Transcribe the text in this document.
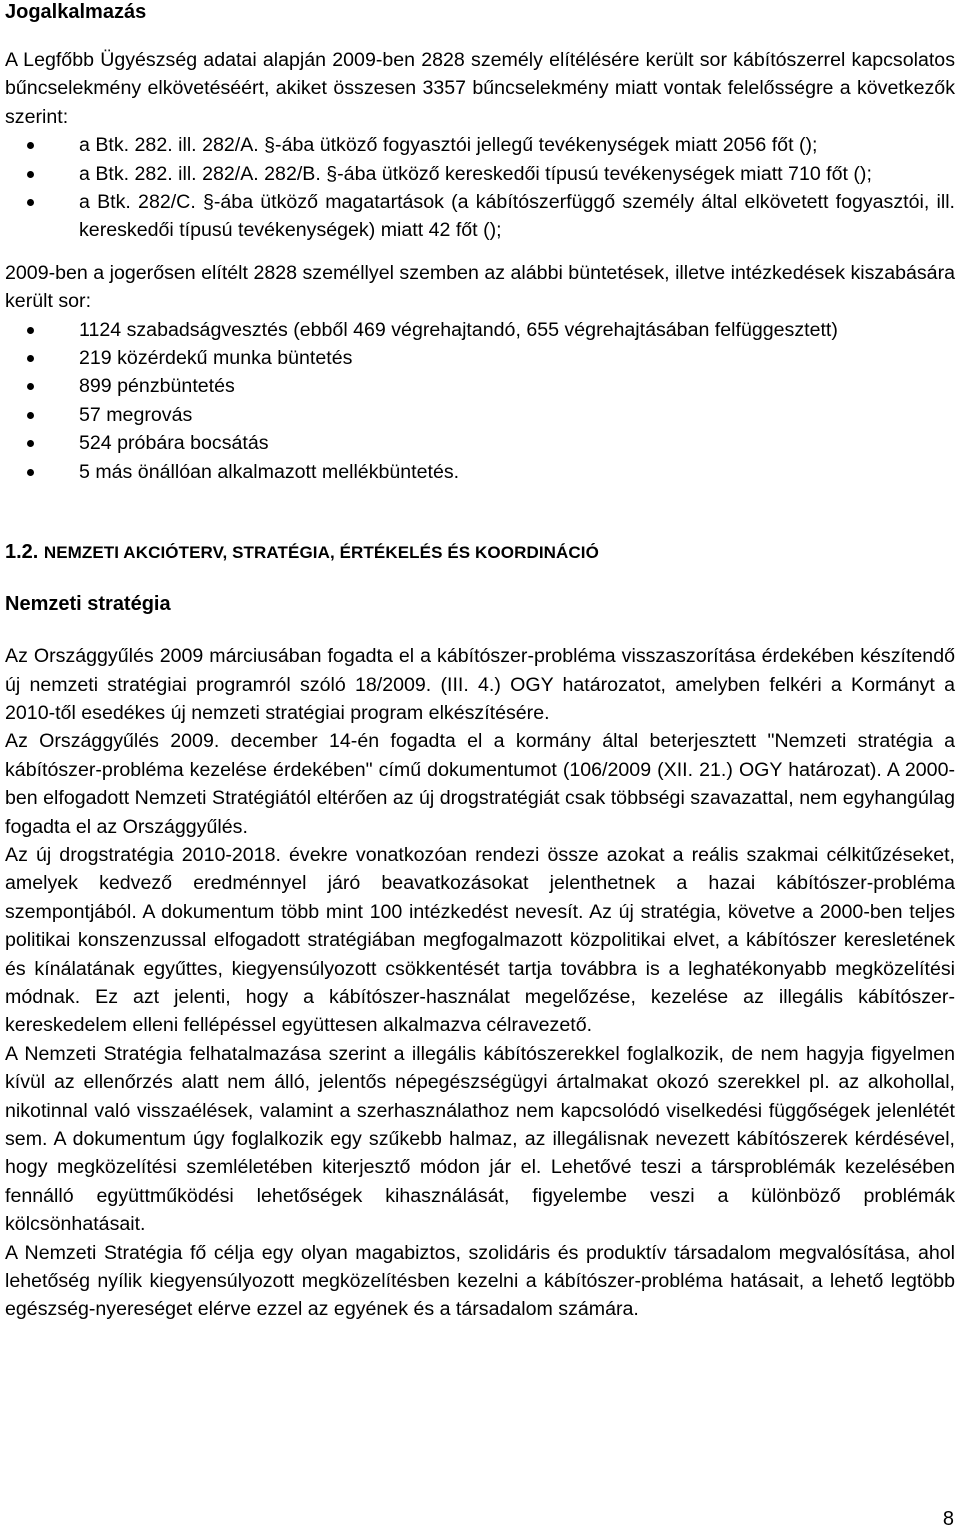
Jogalkalmazás

A Legfőbb Ügyészség adatai alapján 2009-ben 2828 személy elítélésére került sor kábítószerrel kapcsolatos bűncselekmény elkövetéséért, akiket összesen 3357 bűncselekmény miatt vontak felelősségre a következők szerint:

a Btk. 282. ill. 282/A. §-ába ütköző fogyasztói jellegű tevékenységek miatt 2056 főt ();
a Btk. 282. ill. 282/A. 282/B. §-ába ütköző kereskedői típusú tevékenységek miatt 710 főt ();
a Btk. 282/C. §-ába ütköző magatartások (a kábítószerfüggő személy által elkövetett fogyasztói, ill. kereskedői típusú tevékenységek) miatt 42 főt ();

2009-ben a jogerősen elítélt 2828 személlyel szemben az alábbi büntetések, illetve intézkedések kiszabására került sor:

1124 szabadságvesztés (ebből 469 végrehajtandó, 655 végrehajtásában felfüggesztett)
219 közérdekű munka büntetés
899 pénzbüntetés
57 megrovás
524 próbára bocsátás
5 más önállóan alkalmazott mellékbüntetés.
1.2. NEMZETI AKCIÓTERV, STRATÉGIA, ÉRTÉKELÉS ÉS KOORDINÁCIÓ
Nemzeti stratégia

Az Országgyűlés 2009 márciusában fogadta el a kábítószer-probléma visszaszorítása érdekében készítendő új nemzeti stratégiai programról szóló 18/2009. (III. 4.) OGY határozatot, amelyben felkéri a Kormányt a 2010-től esedékes új nemzeti stratégiai program elkészítésére.

Az Országgyűlés 2009. december 14-én fogadta el a kormány által beterjesztett "Nemzeti stratégia a kábítószer-probléma kezelése érdekében" című dokumentumot (106/2009 (XII. 21.) OGY határozat). A 2000-ben elfogadott Nemzeti Stratégiától eltérően az új drogstratégiát csak többségi szavazattal, nem egyhangúlag fogadta el az Országgyűlés.

Az új drogstratégia 2010-2018. évekre vonatkozóan rendezi össze azokat a reális szakmai célkitűzéseket, amelyek kedvező eredménnyel járó beavatkozásokat jelenthetnek a hazai kábítószer-probléma szempontjából. A dokumentum több mint 100 intézkedést nevesít. Az új stratégia, követve a 2000-ben teljes politikai konszenzussal elfogadott stratégiában megfogalmazott közpolitikai elvet, a kábítószer keresletének és kínálatának egyűttes, kiegyensúlyozott csökkentését tartja továbbra is a leghatékonyabb megközelítési módnak. Ez azt jelenti, hogy a kábítószer-használat megelőzése, kezelése az illegális kábítószer-kereskedelem elleni fellépéssel együttesen alkalmazva célravezető.

A Nemzeti Stratégia felhatalmazása szerint a illegális kábítószerekkel foglalkozik, de nem hagyja figyelmen kívül az ellenőrzés alatt nem álló, jelentős népegészségügyi ártalmakat okozó szerekkel pl. az alkohollal, nikotinnal való visszaélések, valamint a szerhasználathoz nem kapcsolódó viselkedési függőségek jelenlétét sem. A dokumentum úgy foglalkozik egy szűkebb halmaz, az illegálisnak nevezett kábítószerek kérdésével, hogy megközelítési szemléletében kiterjesztő módon jár el. Lehetővé teszi a társproblémák kezelésében fennálló együttműködési lehetőségek kihasználását, figyelembe veszi a különböző problémák kölcsönhatásait.

A Nemzeti Stratégia fő célja egy olyan magabiztos, szolidáris és produktív társadalom megvalósítása, ahol lehetőség nyílik kiegyensúlyozott megközelítésben kezelni a kábítószer-probléma hatásait, a lehető legtöbb egészség-nyereséget elérve ezzel az egyének és a társadalom számára.

8
